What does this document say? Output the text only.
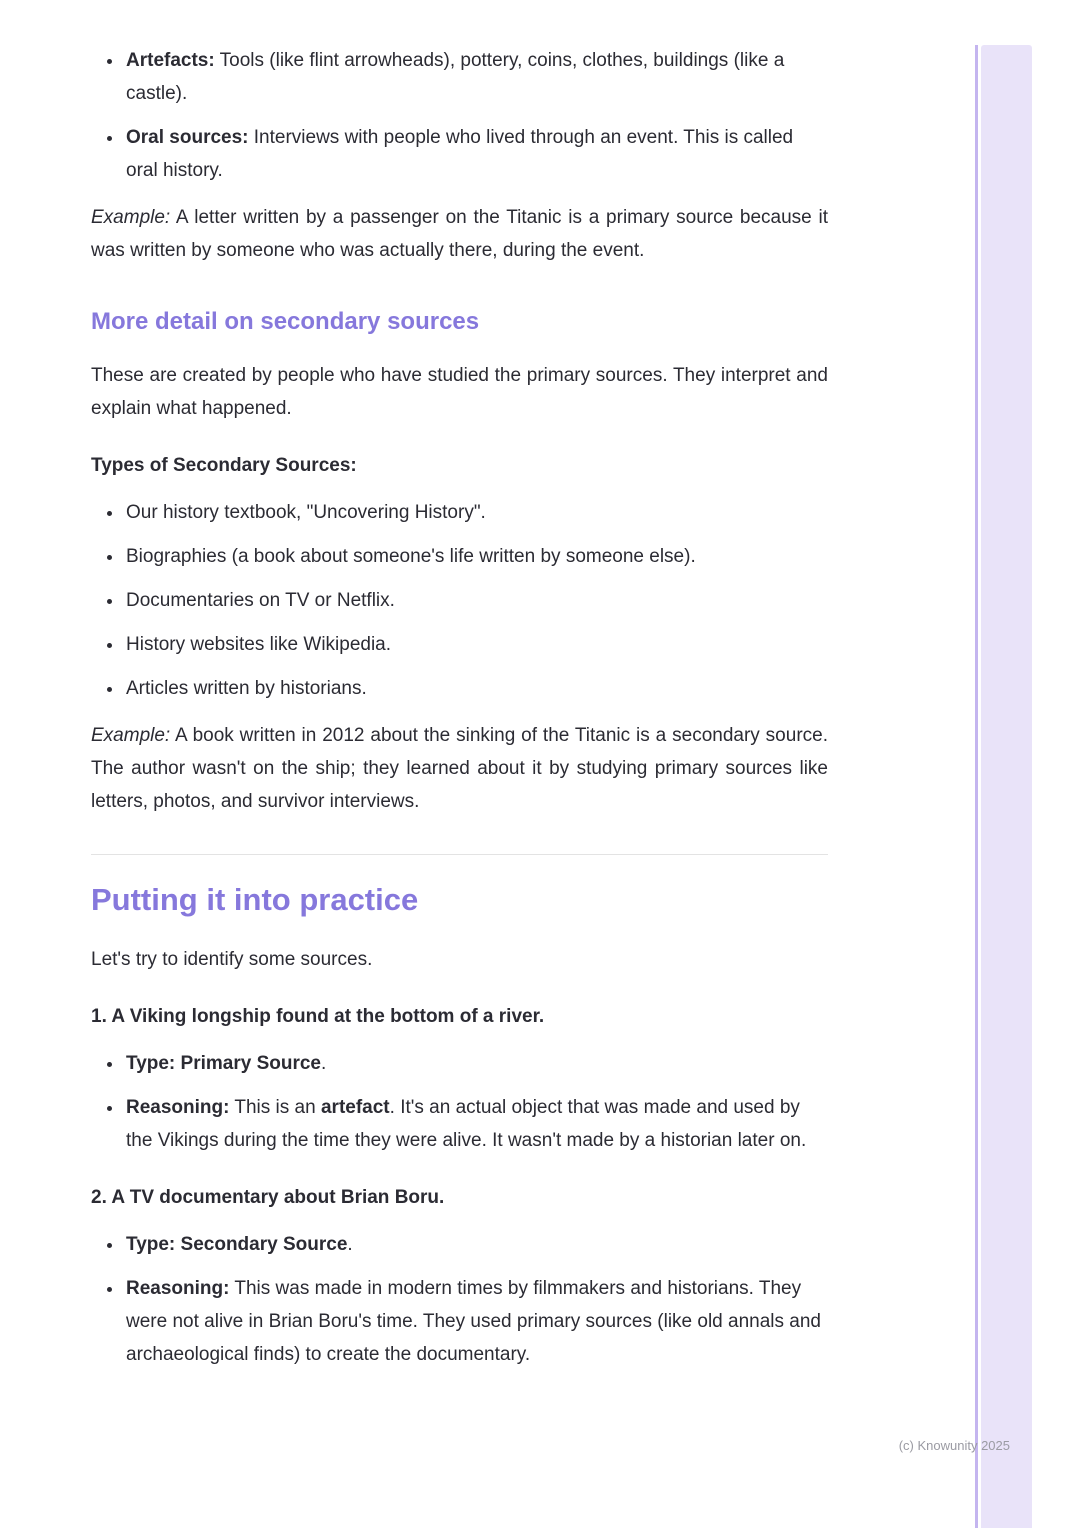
• Artefacts: Tools (like flint arrowheads), pottery, coins, clothes, buildings (like a castle).
• Oral sources: Interviews with people who lived through an event. This is called oral history.

Example: A letter written by a passenger on the Titanic is a primary source because it was written by someone who was actually there, during the event.

More detail on secondary sources

These are created by people who have studied the primary sources. They interpret and explain what happened.

Types of Secondary Sources:

• Our history textbook, "Uncovering History".
• Biographies (a book about someone's life written by someone else).
• Documentaries on TV or Netflix.
• History websites like Wikipedia.
• Articles written by historians.

Example: A book written in 2012 about the sinking of the Titanic is a secondary source. The author wasn't on the ship; they learned about it by studying primary sources like letters, photos, and survivor interviews.

Putting it into practice

Let's try to identify some sources.

1. A Viking longship found at the bottom of a river.

• Type: Primary Source.
• Reasoning: This is an artefact. It's an actual object that was made and used by the Vikings during the time they were alive. It wasn't made by a historian later on.

2. A TV documentary about Brian Boru.

• Type: Secondary Source.
• Reasoning: This was made in modern times by filmmakers and historians. They were not alive in Brian Boru's time. They used primary sources (like old annals and archaeological finds) to create the documentary.
(c) Knowunity 2025
